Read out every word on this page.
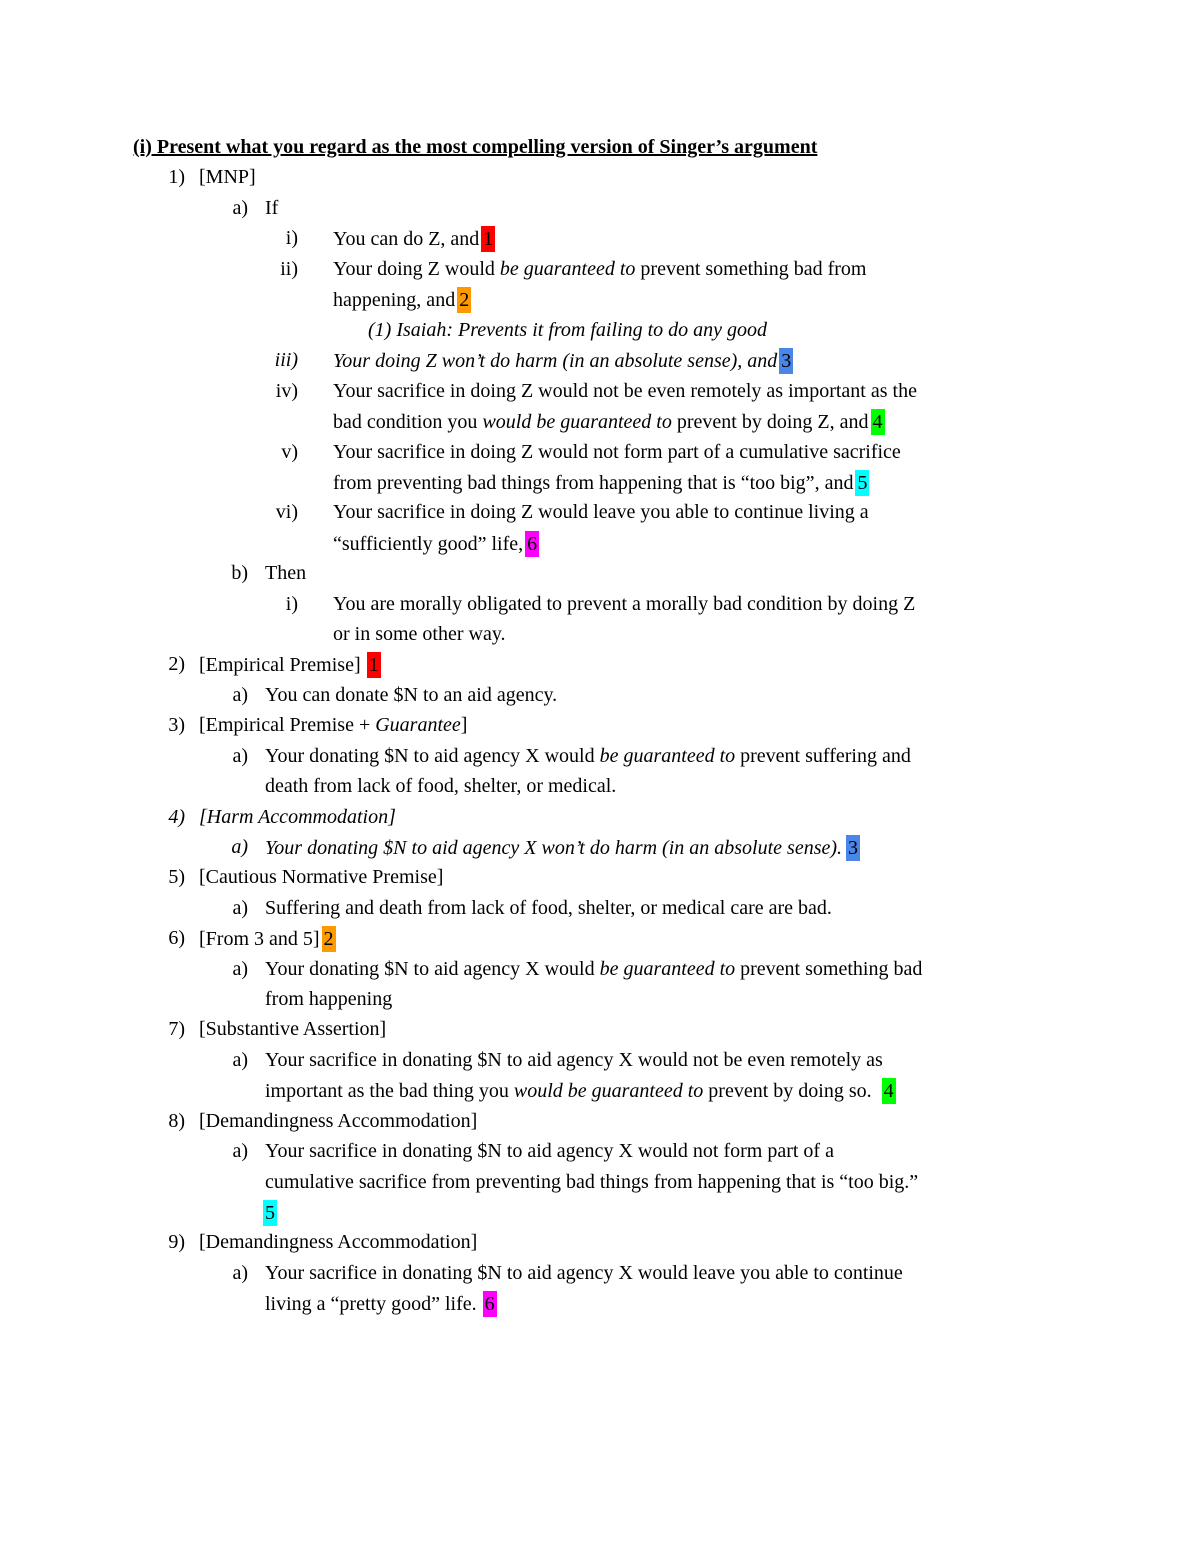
(i) Present what you regard as the most compelling version of Singer’s argument
1) [MNP]
a) If
i) You can do Z, and 1
ii) Your doing Z would be guaranteed to prevent something bad from
happening, and 2
(1) Isaiah: Prevents it from failing to do any good
iii) Your doing Z won’t do harm (in an absolute sense), and 3
iv) Your sacrifice in doing Z would not be even remotely as important as the
bad condition you would be guaranteed to prevent by doing Z, and 4
v) Your sacrifice in doing Z would not form part of a cumulative sacrifice
from preventing bad things from happening that is “too big”, and 5
vi) Your sacrifice in doing Z would leave you able to continue living a
“sufficiently good” life, 6
b) Then
i) You are morally obligated to prevent a morally bad condition by doing Z
or in some other way.
2) [Empirical Premise] 1
a) You can donate $N to an aid agency.
3) [Empirical Premise + Guarantee]
a) Your donating $N to aid agency X would be guaranteed to prevent suffering and
death from lack of food, shelter, or medical.
4) [Harm Accommodation]
a) Your donating $N to aid agency X won’t do harm (in an absolute sense). 3
5) [Cautious Normative Premise]
a) Suffering and death from lack of food, shelter, or medical care are bad.
6) [From 3 and 5] 2
a) Your donating $N to aid agency X would be guaranteed to prevent something bad
from happening
7) [Substantive Assertion]
a) Your sacrifice in donating $N to aid agency X would not be even remotely as
important as the bad thing you would be guaranteed to prevent by doing so. 4
8) [Demandingness Accommodation]
a) Your sacrifice in donating $N to aid agency X would not form part of a
cumulative sacrifice from preventing bad things from happening that is “too big.”
5
9) [Demandingness Accommodation]
a) Your sacrifice in donating $N to aid agency X would leave you able to continue
living a “pretty good” life. 6
